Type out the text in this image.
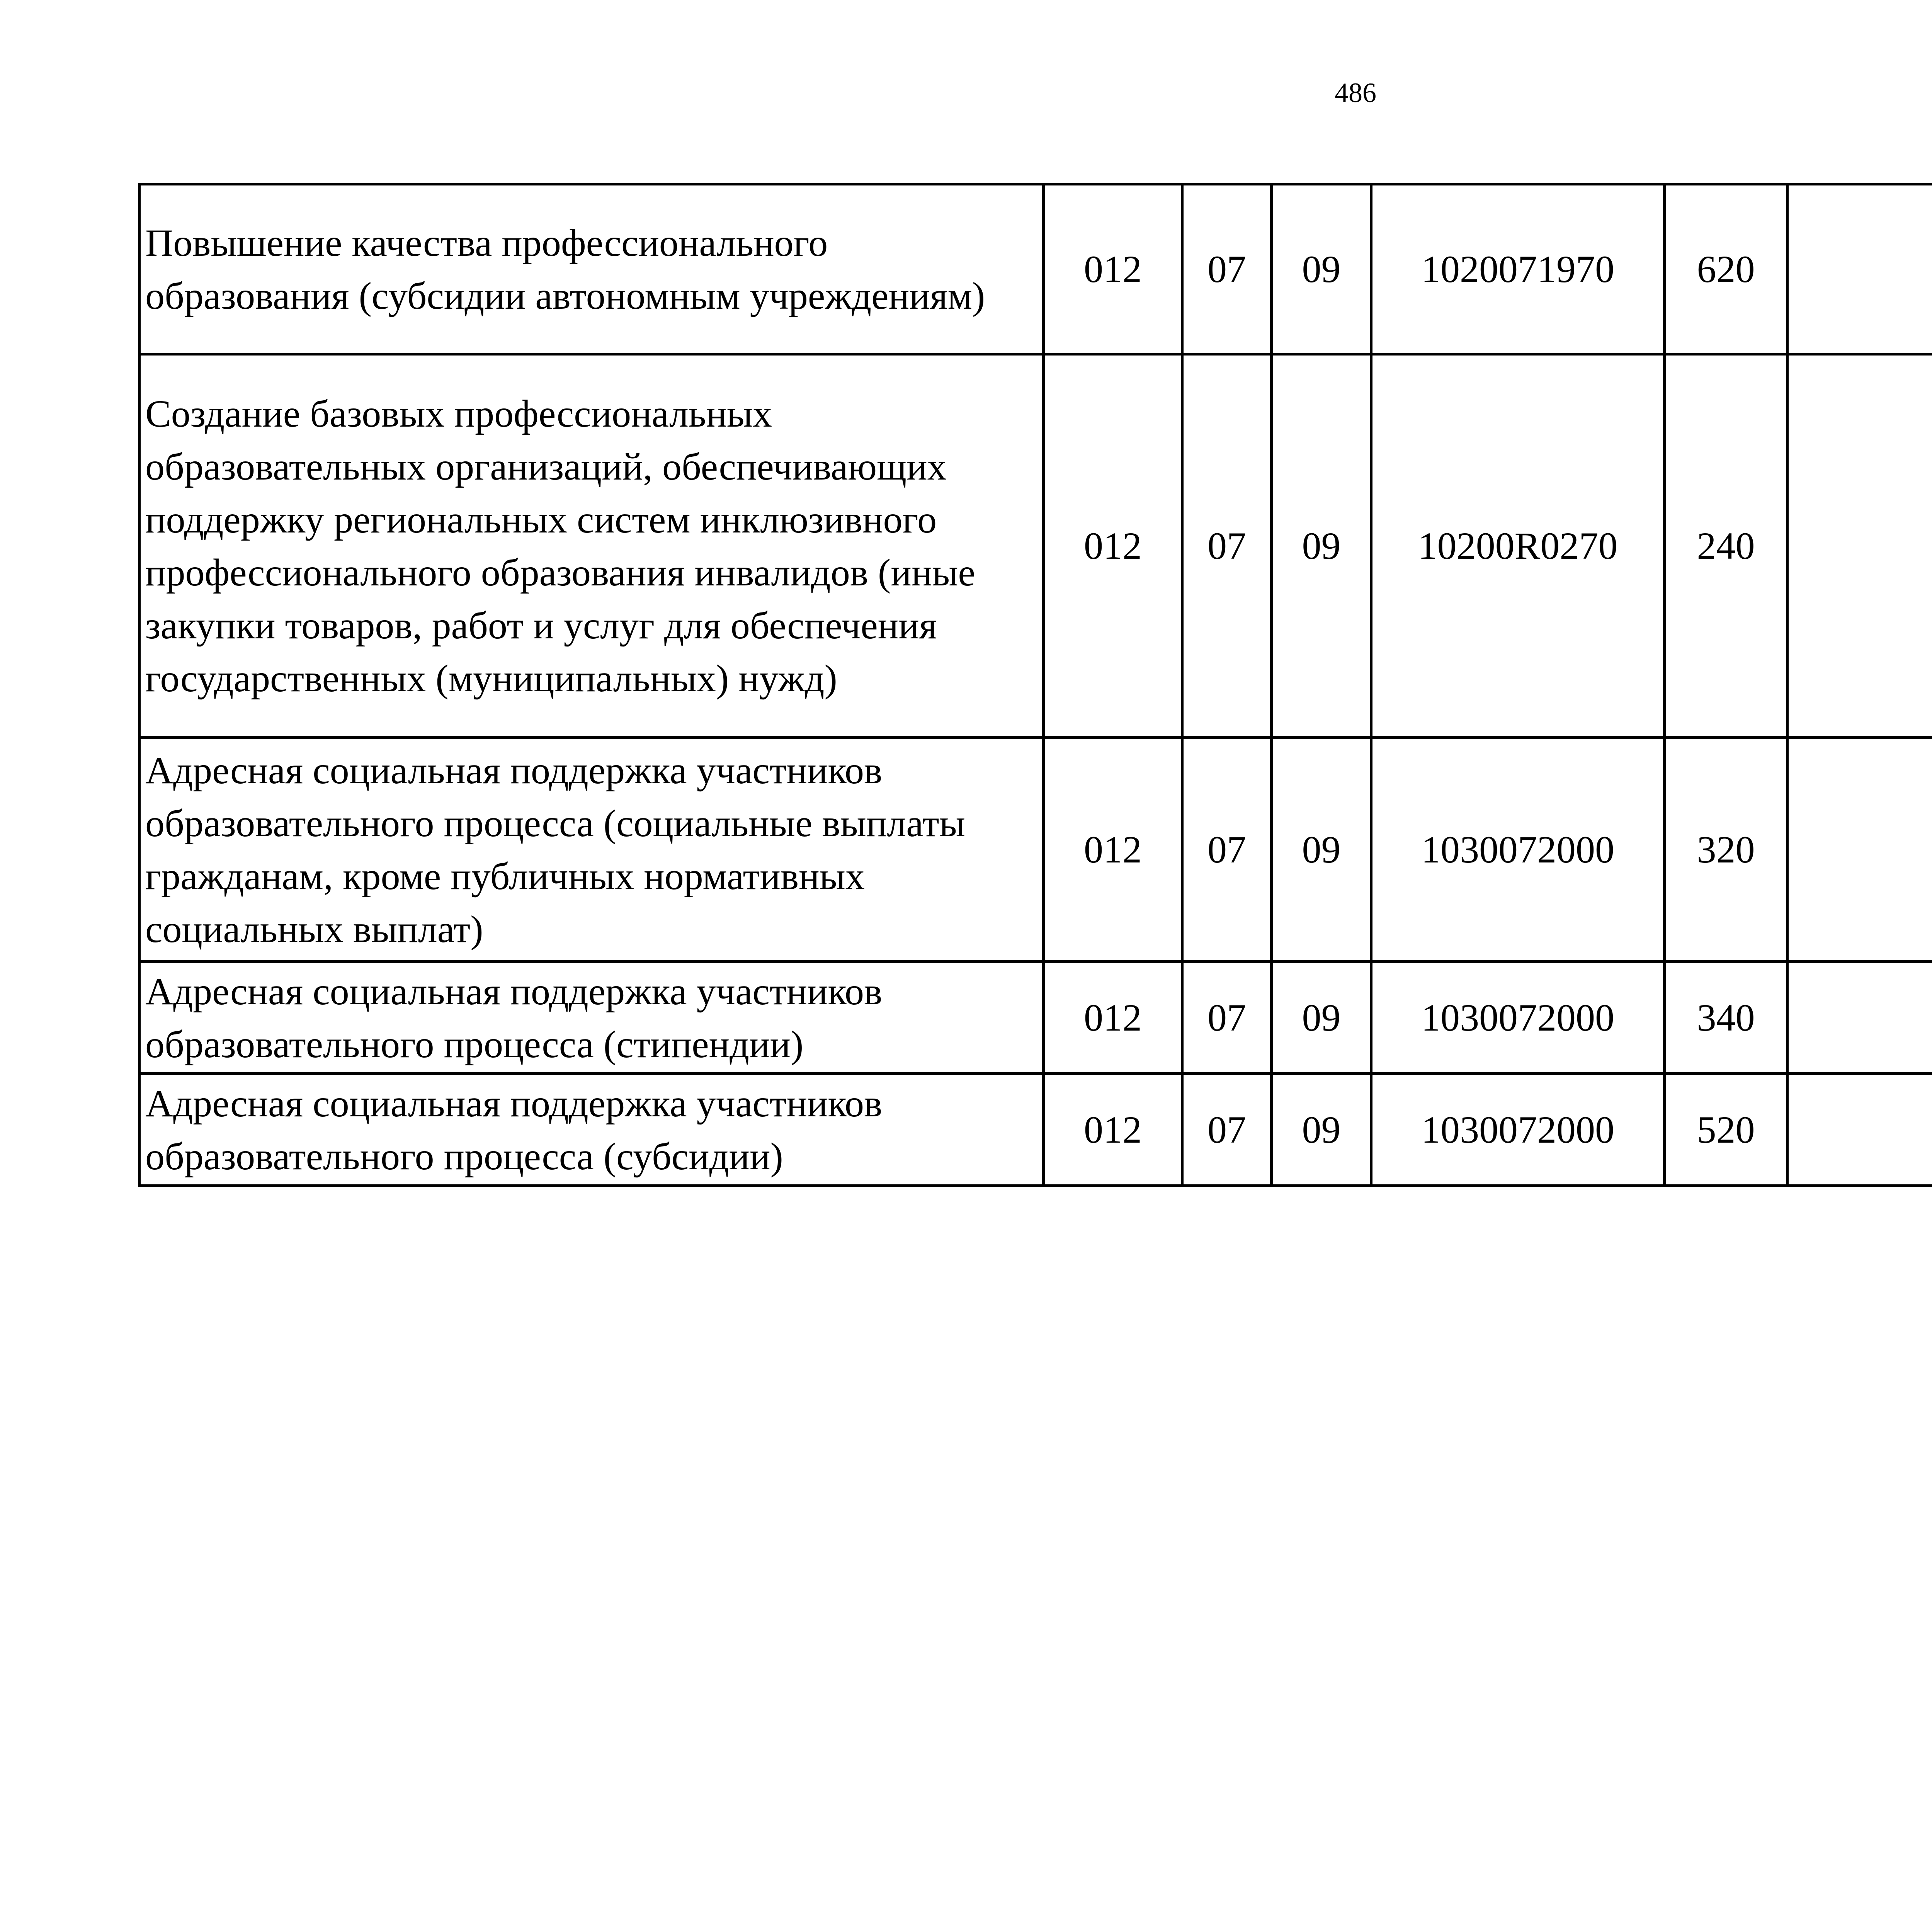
486
Повышение качества профессионального образования (субсидии автономным учреждениям)	012	07	09	1020071970	620			
Создание базовых профессиональных образовательных организаций, обеспечивающих поддержку региональных систем инклюзивного профессионального образования инвалидов (иные закупки товаров, работ и услуг для обеспечения государственных (муниципальных) нужд)	012	07	09	10200R0270	240			
Адресная социальная поддержка участников образовательного процесса (социальные выплаты гражданам, кроме публичных нормативных социальных выплат)	012	07	09	1030072000	320			
Адресная социальная поддержка участников образовательного процесса (стипендии)	012	07	09	1030072000	340			
Адресная социальная поддержка участников образовательного процесса (субсидии)	012	07	09	1030072000	520			
